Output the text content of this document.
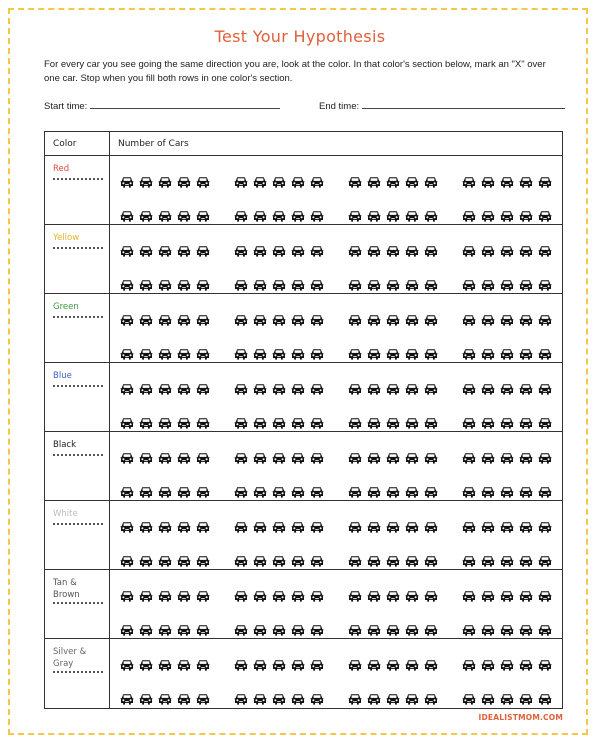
Test Your Hypothesis
For every car you see going the same direction you are, look at the color. In that color's section below, mark an "X" over one car. Stop when you fill both rows in one color's section.
Start time:	End time:
Color	Number of Cars
Red
Yellow
Green
Blue
Black
White
Tan &
Brown
Silver &
Gray
IDEALISTMOM.COM
